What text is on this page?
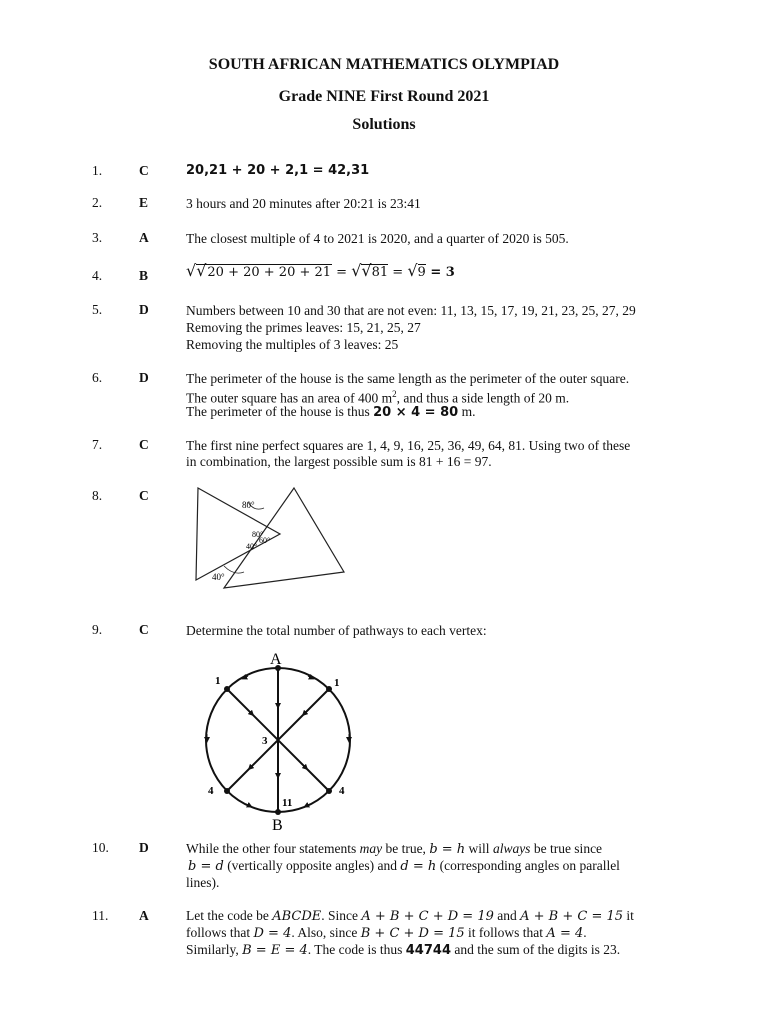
SOUTH AFRICAN MATHEMATICS OLYMPIAD
Grade NINE First Round 2021
Solutions
1.	C	20,21 + 20 + 2,1 = 42,31
2.	E	3 hours and 20 minutes after 20:21 is 23:41
3.	A	The closest multiple of 4 to 2021 is 2020, and a quarter of 2020 is 505.
4.	B √√20 + 20 + 20 + 21 = √√81 = √9 = 3
5.	D	Numbers between 10 and 30 that are not even: 11, 13, 15, 17, 19, 21, 23, 25, 27, 29
Removing the primes leaves: 15, 21, 25, 27
Removing the multiples of 3 leaves: 25
6.	D	The perimeter of the house is the same length as the perimeter of the outer square.
The outer square has an area of 400 $m^2$, and thus a side length of 20 m.
The perimeter of the house is thus 20 × 4 = 80 m.
7.	C	The first nine perfect squares are 1, 4, 9, 16, 25, 36, 49, 64, 81. Using two of these
in combination, the largest possible sum is 81 + 16 = 97.
8.	C
80°
80°
60°
40°
40°
9.	C	Determine the total number of pathways to each vertex:
A
B
1	1
3
4	4
11
10. D	While the other four statements may be true, b = h will always be true since
b = d (vertically opposite angles) and d = h (corresponding angles on parallel
lines).
11. A	Let the code be ABCDE. Since A + B + C + D = 19 and A + B + C = 15 it
follows that D = 4. Also, since B + C + D = 15 it follows that A = 4.
Similarly, B = E = 4. The code is thus 44744 and the sum of the digits is 23.
